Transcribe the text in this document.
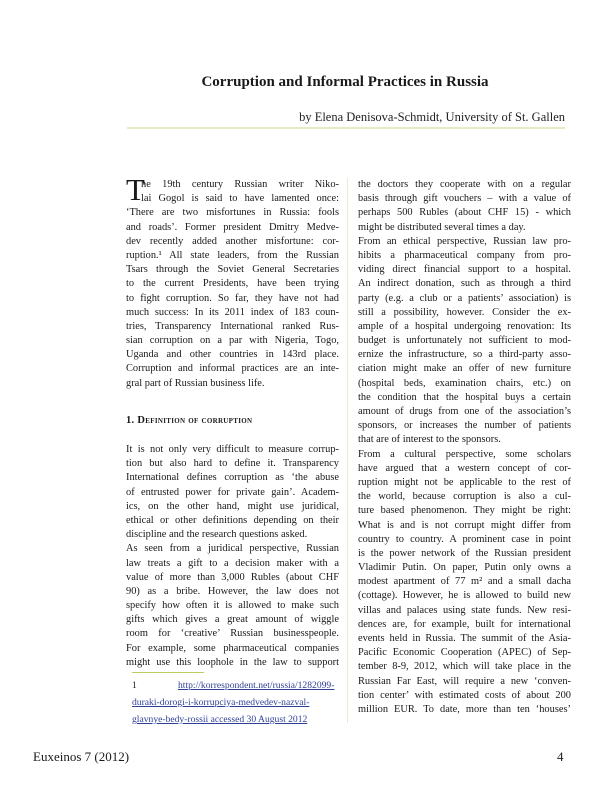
Corruption and Informal Practices in Russia
by Elena Denisova-Schmidt, University of St. Gallen
T
he 19th century Russian writer Niko-
lai Gogol is said to have lamented once:
‘There are two misfortunes in Russia: fools
and roads’. Former president Dmitry Medve-
dev recently added another misfortune: cor-
ruption.¹ All state leaders, from the Russian
Tsars through the Soviet General Secretaries
to the current Presidents, have been trying
to fight corruption. So far, they have not had
much success: In its 2011 index of 183 coun-
tries, Transparency International ranked Rus-
sian corruption on a par with Nigeria, Togo,
Uganda and other countries in 143rd place.
Corruption and informal practices are an inte-
gral part of Russian business life.
1. Definition of corruption
It is not only very difficult to measure corrup-
tion but also hard to define it. Transparency
International defines corruption as ‘the abuse
of entrusted power for private gain’. Academ-
ics, on the other hand, might use juridical,
ethical or other definitions depending on their
discipline and the research questions asked.
As seen from a juridical perspective, Russian
law treats a gift to a decision maker with a
value of more than 3,000 Rubles (about CHF
90) as a bribe. However, the law does not
specify how often it is allowed to make such
gifts which gives a great amount of wiggle
room for ‘creative’ Russian businesspeople.
For example, some pharmaceutical companies
might use this loophole in the law to support
1	http://korrespondent.net/russia/1282099-
duraki-dorogi-i-korrupciya-medvedev-nazval-
glavnye-bedy-rossii accessed 30 August 2012
the doctors they cooperate with on a regular
basis through gift vouchers – with a value of
perhaps 500 Rubles (about CHF 15) - which
might be distributed several times a day.
From an ethical perspective, Russian law pro-
hibits a pharmaceutical company from pro-
viding direct financial support to a hospital.
An indirect donation, such as through a third
party (e.g. a club or a patients’ association) is
still a possibility, however. Consider the ex-
ample of a hospital undergoing renovation: Its
budget is unfortunately not sufficient to mod-
ernize the infrastructure, so a third-party asso-
ciation might make an offer of new furniture
(hospital beds, examination chairs, etc.) on
the condition that the hospital buys a certain
amount of drugs from one of the association’s
sponsors, or increases the number of patients
that are of interest to the sponsors.
From a cultural perspective, some scholars
have argued that a western concept of cor-
ruption might not be applicable to the rest of
the world, because corruption is also a cul-
ture based phenomenon. They might be right:
What is and is not corrupt might differ from
country to country. A prominent case in point
is the power network of the Russian president
Vladimir Putin. On paper, Putin only owns a
modest apartment of 77 m² and a small dacha
(cottage). However, he is allowed to build new
villas and palaces using state funds. New resi-
dences are, for example, built for international
events held in Russia. The summit of the Asia-
Pacific Economic Cooperation (APEC) of Sep-
tember 8-9, 2012, which will take place in the
Russian Far East, will require a new ‘conven-
tion center’ with estimated costs of about 200
million EUR. To date, more than ten ‘houses’
Euxeinos 7 (2012)	4
